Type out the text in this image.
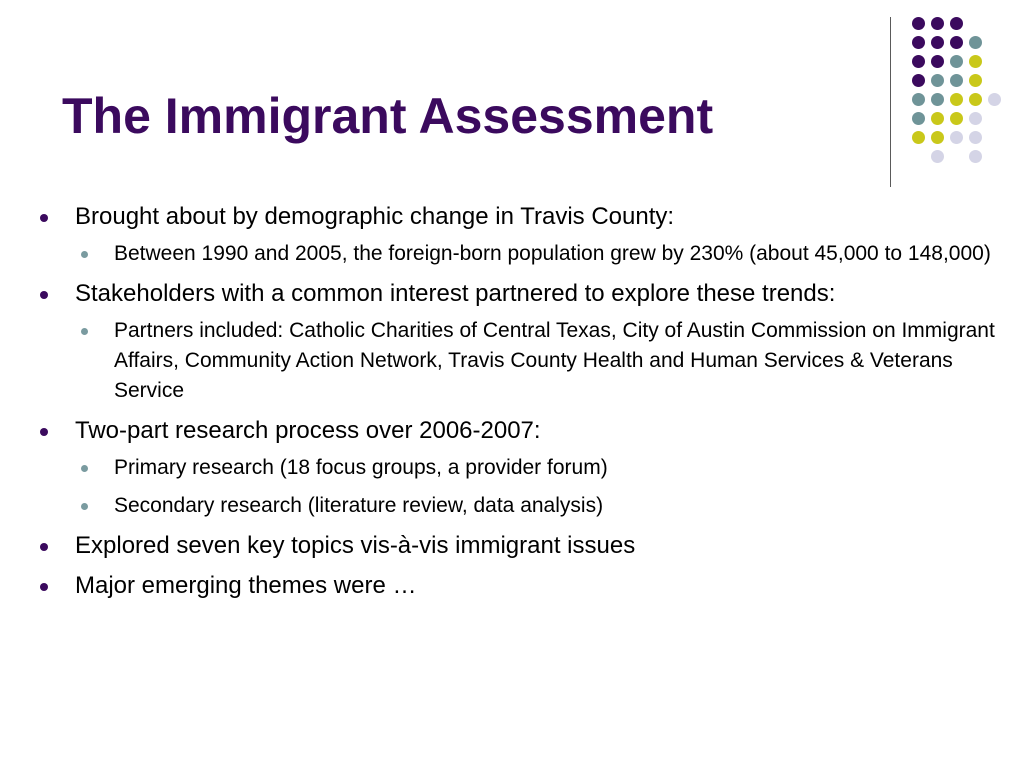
The Immigrant Assessment
Brought about by demographic change in Travis County:
Between 1990 and 2005, the foreign-born population grew by 230% (about 45,000 to 148,000)
Stakeholders with a common interest partnered to explore these trends:
Partners included: Catholic Charities of Central Texas, City of Austin Commission on Immigrant Affairs, Community Action Network, Travis County Health and Human Services & Veterans Service
Two-part research process over 2006-2007:
Primary research (18 focus groups, a provider forum)
Secondary research (literature review, data analysis)
Explored seven key topics vis-à-vis immigrant issues
Major emerging themes were …
